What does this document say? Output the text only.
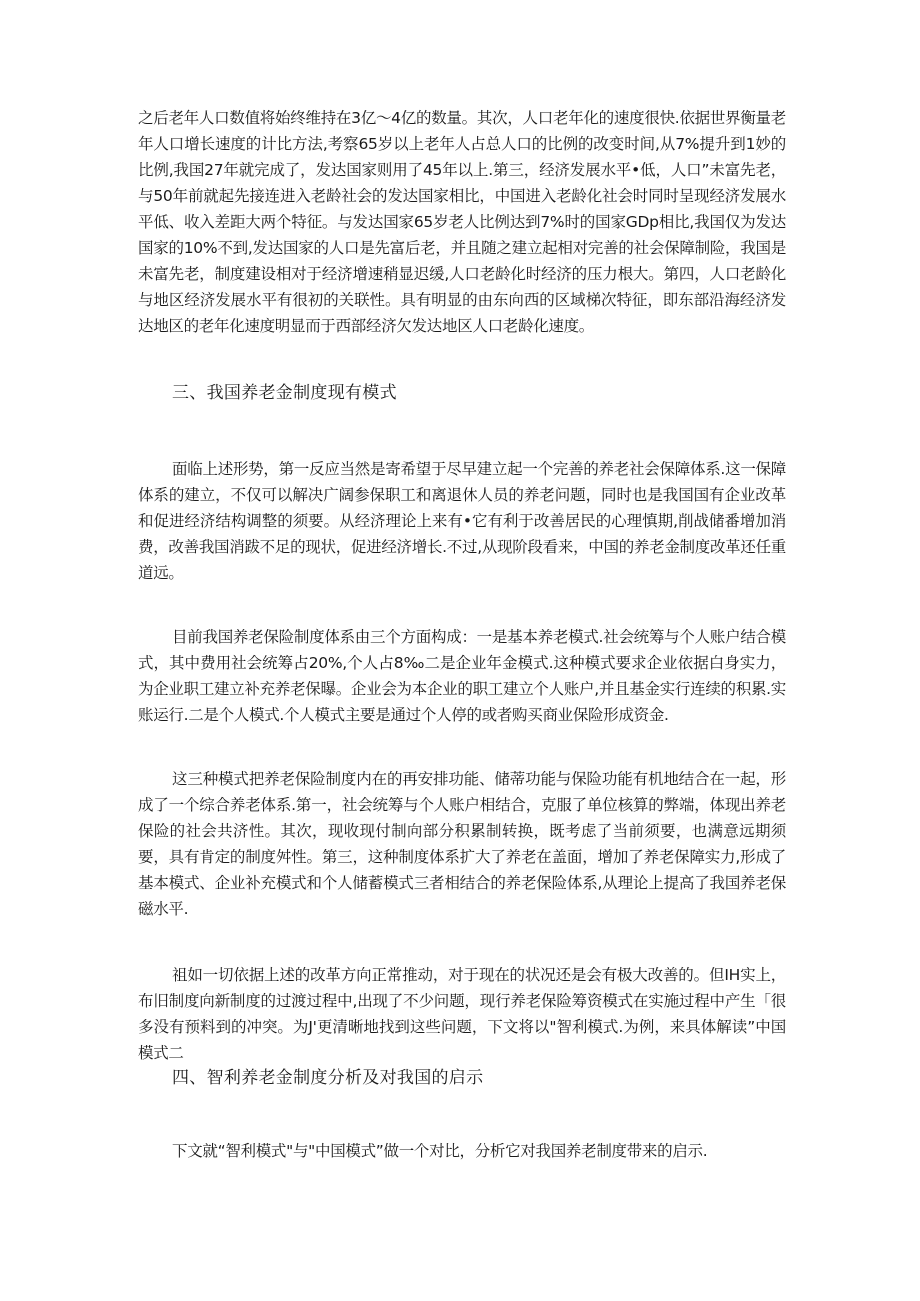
之后老年人口数值将始终维持在3亿〜4亿的数量。其次，人口老年化的速度很快.依据世界衡量老年人口增长速度的计比方法,考察65岁以上老年人占总人口的比例的改变时间,从7%提升到1妙的比例,我国27年就完成了，发达国家则用了45年以上.第三，经济发展水平•低，人口”未富先老，与50年前就起先接连进入老龄社会的发达国家相比，中国进入老龄化社会时同时呈现经济发展水平低、收入差距大两个特征。与发达国家65岁老人比例达到7%时的国家GDp相比,我国仅为发达国家的10%不到,发达国家的人口是先富后老，并且随之建立起相对完善的社会保障制险，我国是未富先老，制度建设相对于经济增速稍显迟缓,人口老龄化时经济的压力根大。第四，人口老龄化与地区经济发展水平有很初的关联性。具有明显的由东向西的区域梯次特征，即东部沿海经济发达地区的老年化速度明显而于西部经济欠发达地区人口老龄化速度。

三、我国养老金制度现有模式

面临上述形势，第一反应当然是寄希望于尽早建立起一个完善的养老社会保障体系.这一保障体系的建立，不仅可以解决广阔参保职工和离退休人员的养老问题，同时也是我国国有企业改革和促进经济结构调整的须要。从经济理论上来有•它有利于改善居民的心理慎期,削战储番增加消费，改善我国消跋不足的现状，促进经济增长.不过,从现阶段看来，中国的养老金制度改革还任重道远。

目前我国养老保险制度体系由三个方面构成：一是基本养老模式.社会统筹与个人账户结合模式，其中费用社会统筹占20%,个人占8‰二是企业年金模式.这种模式要求企业依据白身实力，为企业职工建立补充养老保曝。企业会为本企业的职工建立个人账户,并且基金实行连续的积累.实账运行.二是个人模式.个人模式主要是通过个人停的或者购买商业保险形成资金.

这三种模式把养老保险制度内在的再安排功能、储蒂功能与保险功能有机地结合在一起，形成了一个综合养老体系.第一，社会统筹与个人账户相结合，克服了单位核算的弊端，体现出养老保险的社会共济性。其次，现收现付制向部分积累制转换，既考虑了当前须要，也满意远期须要，具有肯定的制度舛性。第三，这种制度体系扩大了养老在盖面，增加了养老保障实力,形成了基本模式、企业补充模式和个人储蓄模式三者相结合的养老保险体系,从理论上提高了我国养老保磁水平.

祖如一切依据上述的改革方向正常推动，对于现在的状况还是会有极大改善的。但IH实上，布旧制度向新制度的过渡过程中,出现了不少问题，现行养老保险筹资模式在实施过程中产生「很多没有预料到的冲突。为J'更清晰地找到这些问题，下文将以"智利模式.为例，来具体解读”中国模式二

四、智利养老金制度分析及对我国的启示

下文就“智利模式"与"中国模式”做一个对比，分析它对我国养老制度带来的启示.
